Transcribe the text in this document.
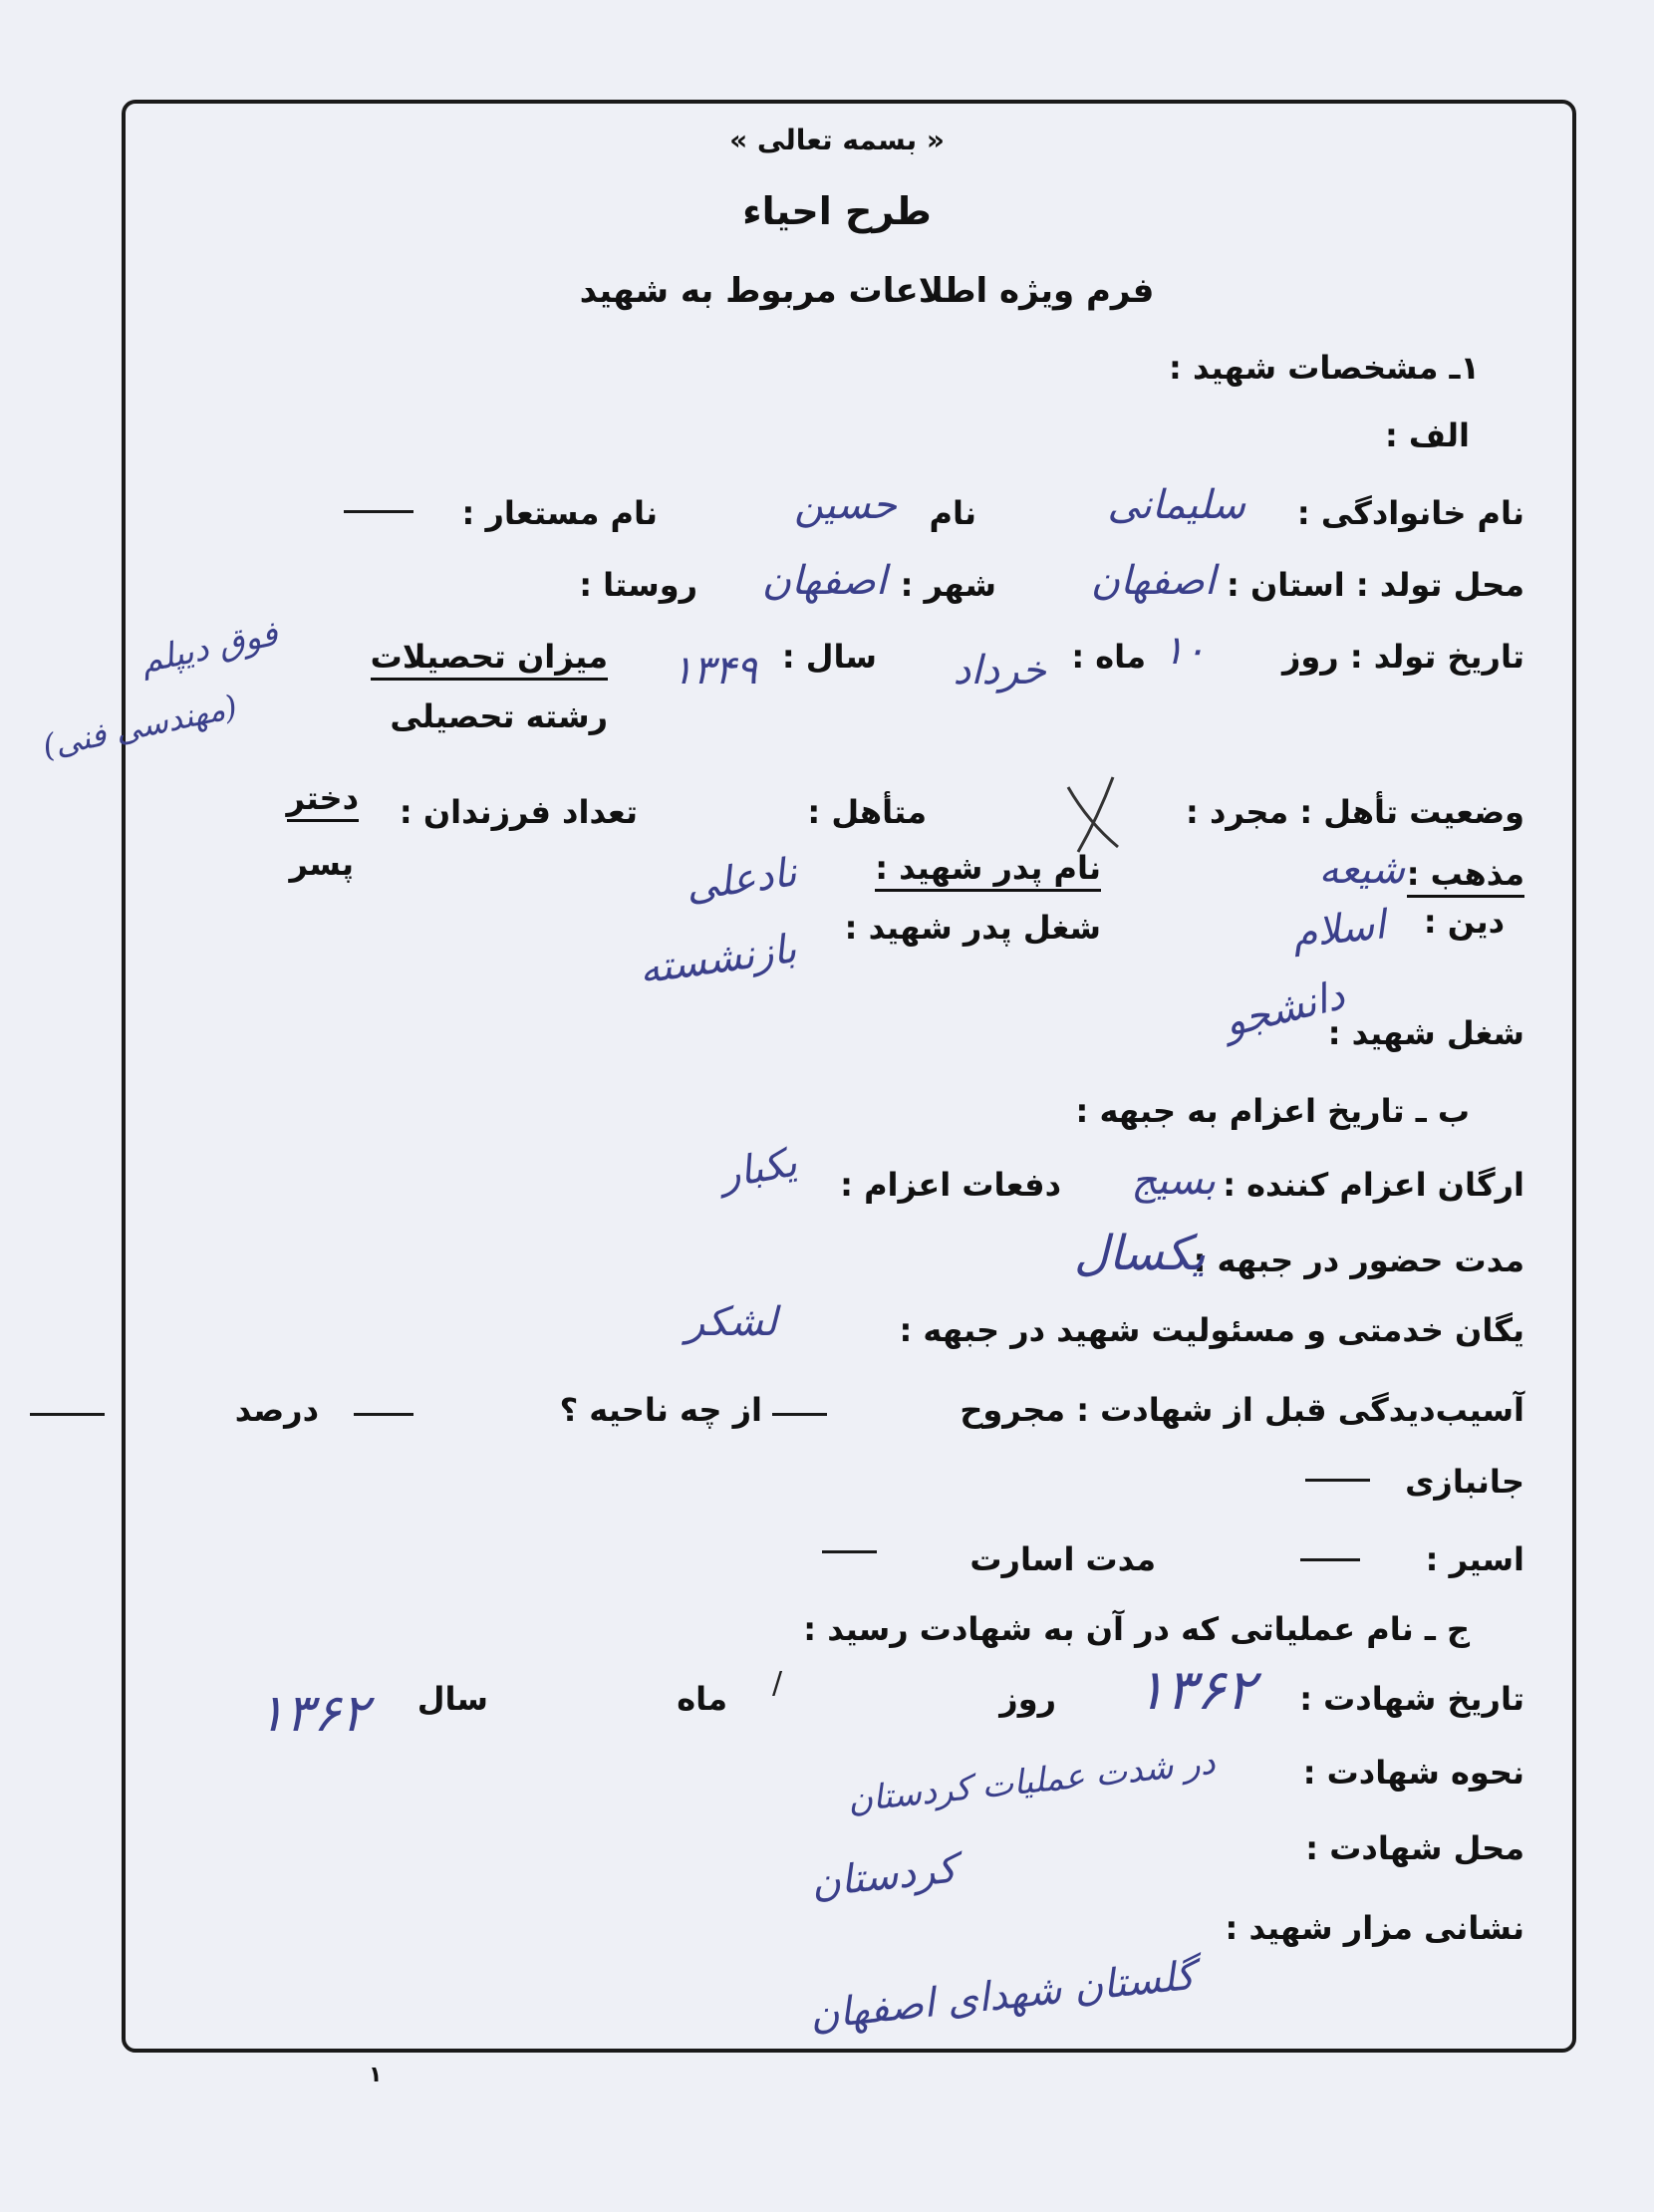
« بسمه تعالی »
طرح احیاء
فرم ویژه اطلاعات مربوط به شهید
۱ـ مشخصات شهید :
الف :
نام خانوادگی :
سلیمانی
نام
حسین
نام مستعار :
محل تولد : استان :
اصفهان
شهر :
اصفهان
روستا :
تاریخ تولد : روز
۱۰
ماه :
خرداد
سال :
۱۳۴۹
میزان تحصیلات
رشته تحصیلی
فوق دیپلم
(مهندسی فنی)
وضعیت تأهل : مجرد :
متأهل :
تعداد فرزندان :
دختر
پسر	مذهب :
شیعه
دین :
اسلام
نام پدر شهید :
نادعلی
شغل پدر شهید :
بازنشسته
شغل شهید :
دانشجو
ب ـ تاریخ اعزام به جبهه :
ارگان اعزام کننده :
بسیج
دفعات اعزام :
یکبار
مدت حضور در جبهه :
یکسال
یگان خدمتی و مسئولیت شهید در جبهه :
لشکر
آسیب‌دیدگی قبل از شهادت : مجروح
از چه ناحیه ؟
درصد
جانبازی
اسیر :
مدت اسارت
ج ـ نام عملیاتی که در آن به شهادت رسید :
تاریخ شهادت :
۱۳۶۲
روز
/
ماه
سال
۱۳۶۲
نحوه شهادت :
در شدت عملیات کردستان
محل شهادت :
کردستان
نشانی مزار شهید :
گلستان شهدای اصفهان
۱
